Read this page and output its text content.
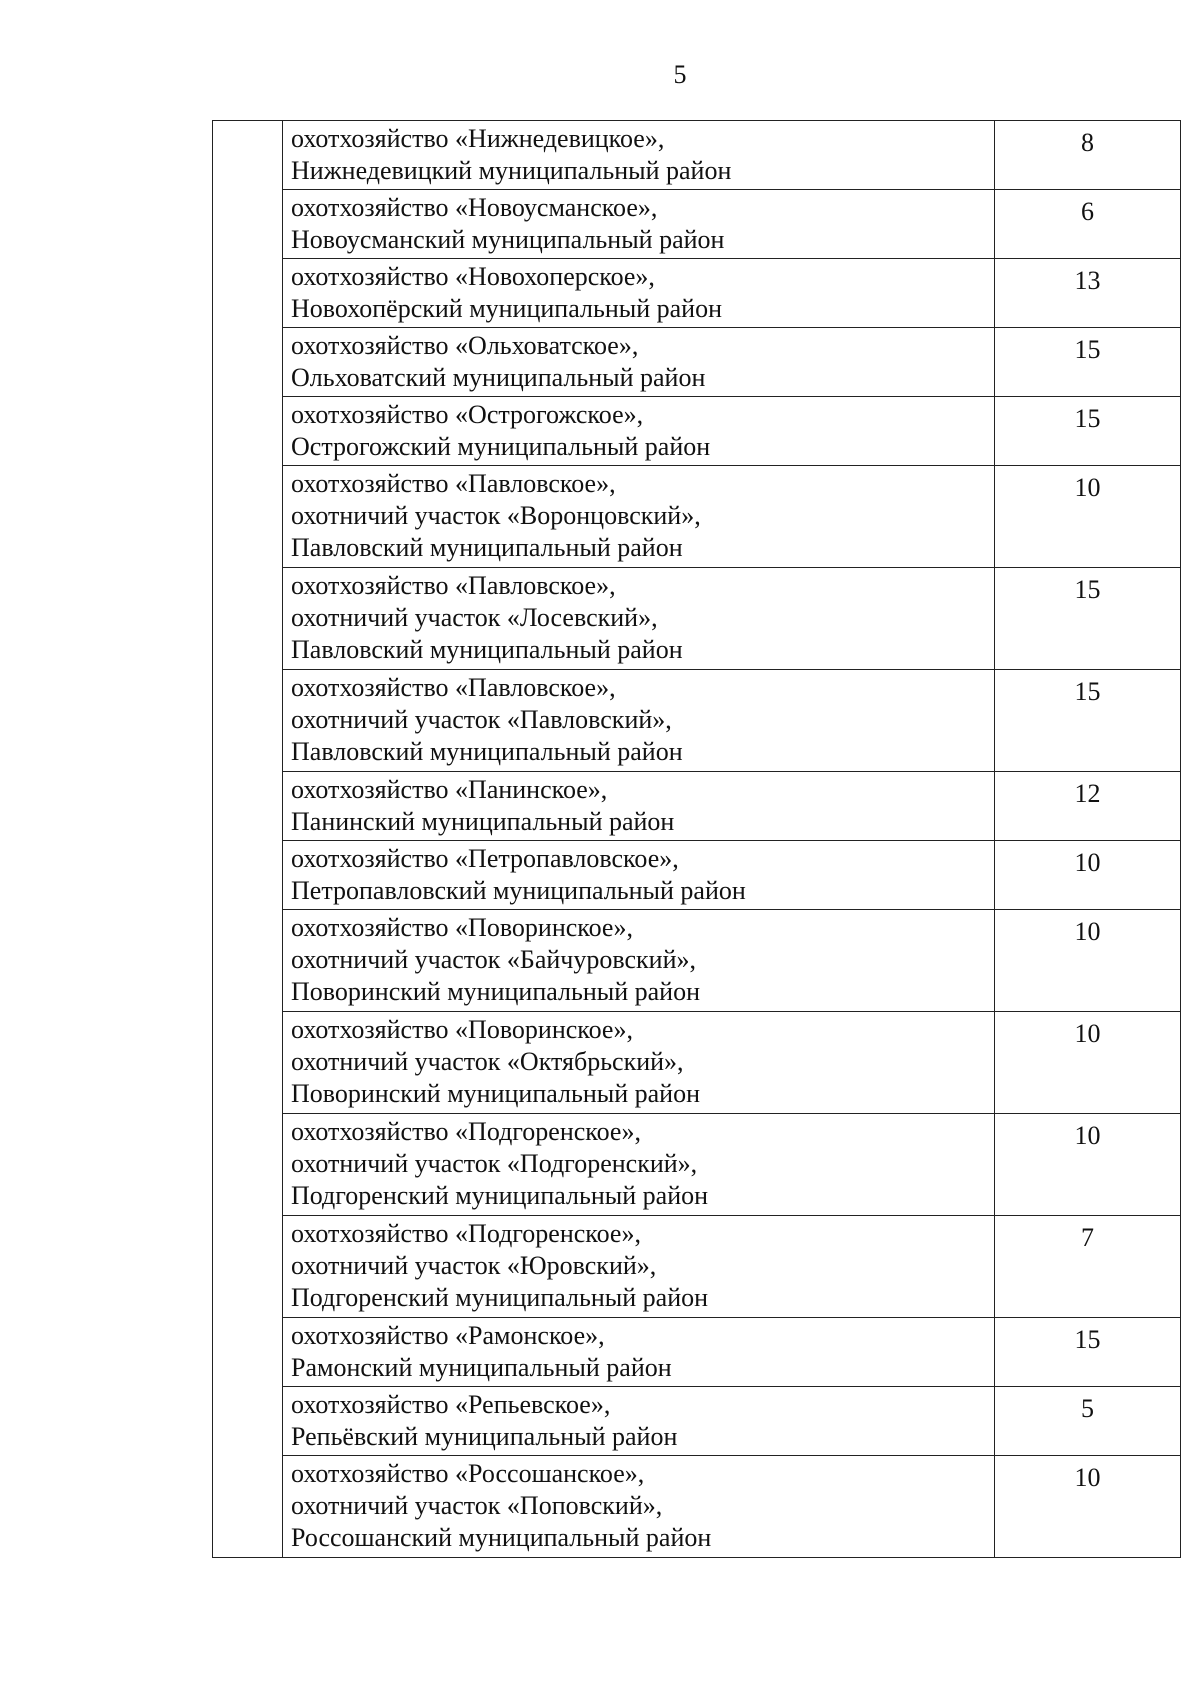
5

	охотхозяйство «Нижнедевицкое»,
Нижнедевицкий муниципальный район	8

	охотхозяйство «Новоусманское»,
Новоусманский муниципальный район	6

	охотхозяйство «Новохоперское»,
Новохопёрский муниципальный район	13

	охотхозяйство «Ольховатское»,
Ольховатский муниципальный район	15

	охотхозяйство «Острогожское»,
Острогожский муниципальный район	15

	охотхозяйство «Павловское»,
охотничий участок «Воронцовский»,
Павловский муниципальный район	10

	охотхозяйство «Павловское»,
охотничий участок «Лосевский»,
Павловский муниципальный район	15

	охотхозяйство «Павловское»,
охотничий участок «Павловский»,
Павловский муниципальный район	15

	охотхозяйство «Панинское»,
Панинский муниципальный район	12

	охотхозяйство «Петропавловское»,
Петропавловский муниципальный район	10

	охотхозяйство «Поворинское»,
охотничий участок «Байчуровский»,
Поворинский муниципальный район	10

	охотхозяйство «Поворинское»,
охотничий участок «Октябрьский»,
Поворинский муниципальный район	10

	охотхозяйство «Подгоренское»,
охотничий участок «Подгоренский»,
Подгоренский муниципальный район	10

	охотхозяйство «Подгоренское»,
охотничий участок «Юровский»,
Подгоренский муниципальный район	7

	охотхозяйство «Рамонское»,
Рамонский муниципальный район	15

	охотхозяйство «Репьевское»,
Репьёвский муниципальный район	5

	охотхозяйство «Россошанское»,
охотничий участок «Поповский»,
Россошанский муниципальный район	10
